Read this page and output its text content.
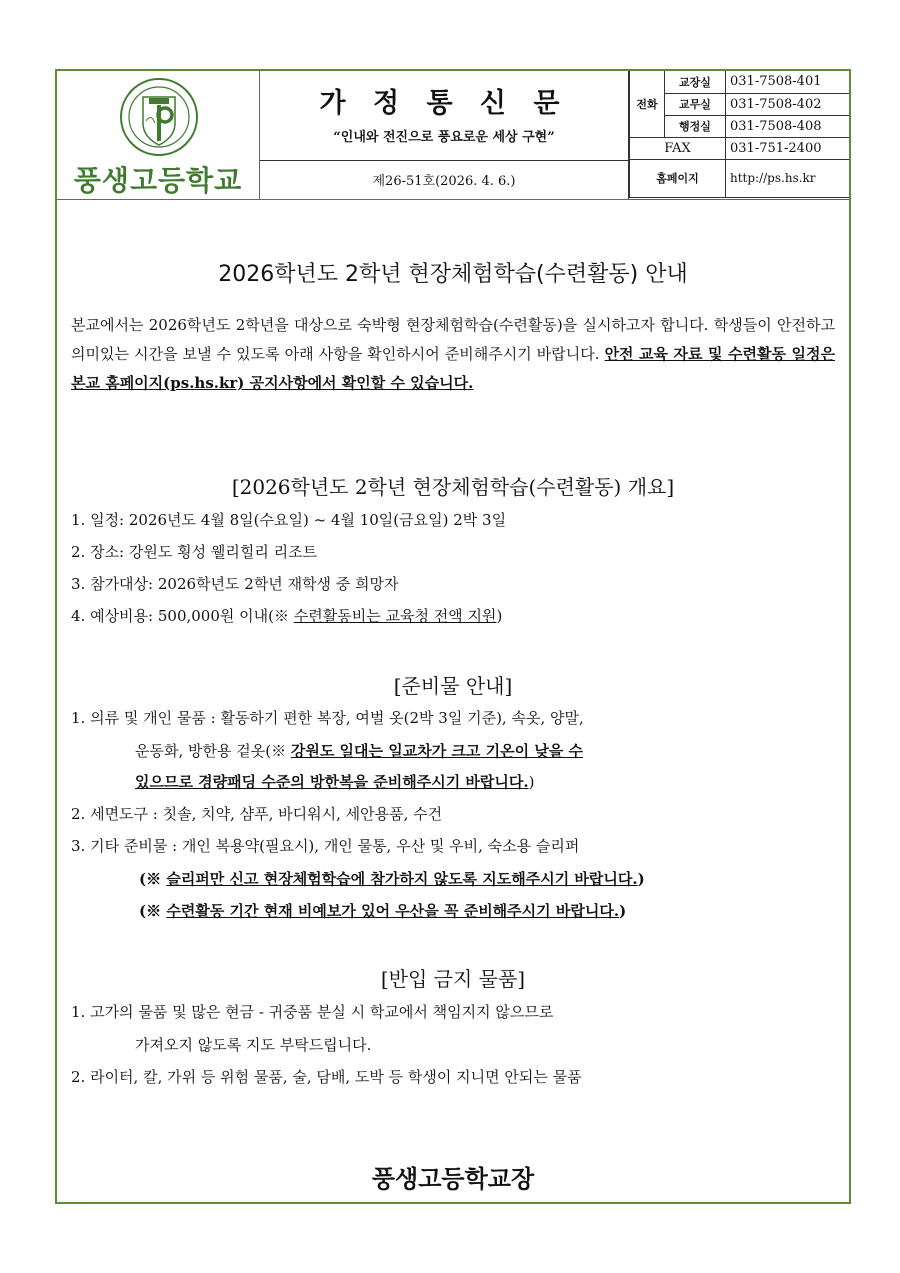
풍생고등학교
가 정 통 신 문
“인내와 전진으로 풍요로운 세상 구현”
제26-51호(2026. 4. 6.)
전화	교장실	031-7508-401
	교무실	031-7508-402
	행정실	031-7508-408
FAX		031-751-2400
홈페이지		http://ps.hs.kr
2026학년도 2학년 현장체험학습(수련활동) 안내
본교에서는 2026학년도 2학년을 대상으로 숙박형 현장체험학습(수련활동)을 실시하고자 합니다. 학생들이 안전하고 의미있는 시간을 보낼 수 있도록 아래 사항을 확인하시어 준비해주시기 바랍니다. 안전 교육 자료 및 수련활동 일정은 본교 홈페이지(ps.hs.kr) 공지사항에서 확인할 수 있습니다.
[2026학년도 2학년 현장체험학습(수련활동) 개요]
1. 일정: 2026년도 4월 8일(수요일) ~ 4월 10일(금요일) 2박 3일
2. 장소: 강원도 횡성 웰리힐리 리조트
3. 참가대상: 2026학년도 2학년 재학생 중 희망자
4. 예상비용: 500,000원 이내(※ 수련활동비는 교육청 전액 지원)
[준비물 안내]
1. 의류 및 개인 물품 : 활동하기 편한 복장, 여벌 옷(2박 3일 기준), 속옷, 양말,
운동화, 방한용 겉옷(※ 강원도 일대는 일교차가 크고 기온이 낮을 수
있으므로 경량패딩 수준의 방한복을 준비해주시기 바랍니다.)
2. 세면도구 : 칫솔, 치약, 샴푸, 바디워시, 세안용품, 수건
3. 기타 준비물 : 개인 복용약(필요시), 개인 물통, 우산 및 우비, 숙소용 슬리퍼
(※ 슬리퍼만 신고 현장체험학습에 참가하지 않도록 지도해주시기 바랍니다.)
(※ 수련활동 기간 현재 비예보가 있어 우산을 꼭 준비해주시기 바랍니다.)
[반입 금지 물품]
1. 고가의 물품 및 많은 현금 - 귀중품 분실 시 학교에서 책임지지 않으므로
가져오지 않도록 지도 부탁드립니다.
2. 라이터, 칼, 가위 등 위험 물품, 술, 담배, 도박 등 학생이 지니면 안되는 물품
풍생고등학교장
